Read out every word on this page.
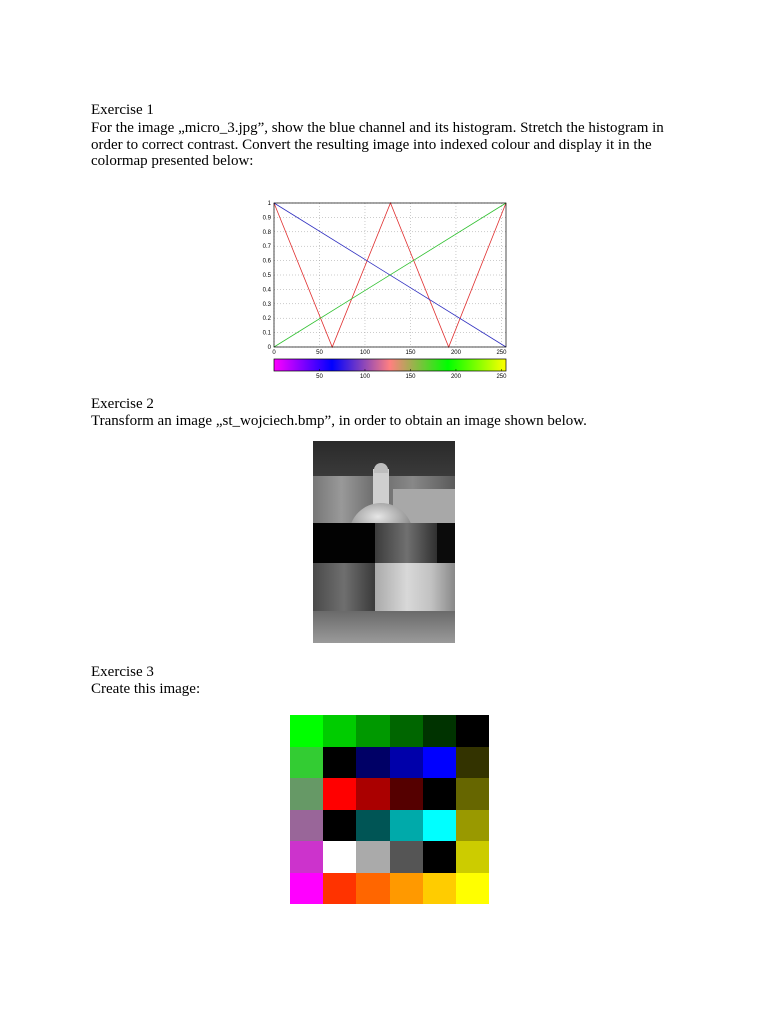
Exercise 1
For the image „micro_3.jpg”, show the blue channel and its histogram. Stretch the histogram in order to correct contrast. Convert the resulting image into indexed colour and display it in the colormap presented below:
0	50	100	150	200	250
0
0.1
0.2
0.3
0.4
0.5
0.6
0.7
0.8
0.9
1
50	100	150	200	250
Exercise 2
Transform an image „st_wojciech.bmp”, in order to obtain an image shown below.
Exercise 3
Create this image:
